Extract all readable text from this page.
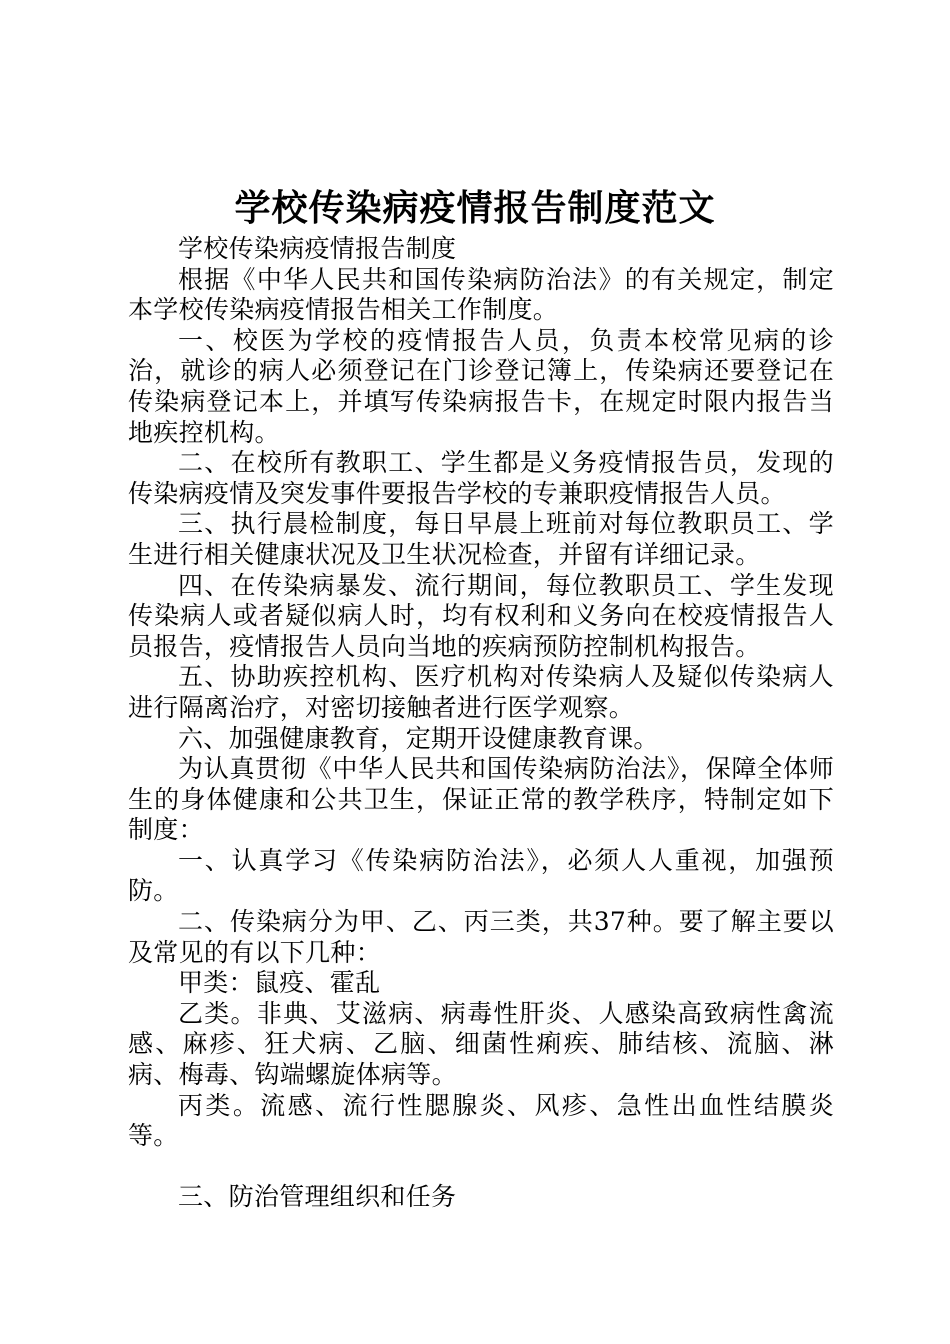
学校传染病疫情报告制度范文

学校传染病疫情报告制度

根据《中华人民共和国传染病防治法》的有关规定，制定本学校传染病疫情报告相关工作制度。

一、校医为学校的疫情报告人员，负责本校常见病的诊治，就诊的病人必须登记在门诊登记簿上，传染病还要登记在传染病登记本上，并填写传染病报告卡，在规定时限内报告当地疾控机构。

二、在校所有教职工、学生都是义务疫情报告员，发现的传染病疫情及突发事件要报告学校的专兼职疫情报告人员。

三、执行晨检制度，每日早晨上班前对每位教职员工、学生进行相关健康状况及卫生状况检查，并留有详细记录。

四、在传染病暴发、流行期间，每位教职员工、学生发现传染病人或者疑似病人时，均有权利和义务向在校疫情报告人员报告，疫情报告人员向当地的疾病预防控制机构报告。

五、协助疾控机构、医疗机构对传染病人及疑似传染病人进行隔离治疗，对密切接触者进行医学观察。

六、加强健康教育，定期开设健康教育课。

为认真贯彻《中华人民共和国传染病防治法》，保障全体师生的身体健康和公共卫生，保证正常的教学秩序，特制定如下制度：

一、认真学习《传染病防治法》，必须人人重视，加强预防。

二、传染病分为甲、乙、丙三类，共37种。要了解主要以及常见的有以下几种：

甲类：鼠疫、霍乱

乙类。非典、艾滋病、病毒性肝炎、人感染高致病性禽流感、麻疹、狂犬病、乙脑、细菌性痢疾、肺结核、流脑、淋病、梅毒、钩端螺旋体病等。

丙类。流感、流行性腮腺炎、风疹、急性出血性结膜炎等。

三、防治管理组织和任务
